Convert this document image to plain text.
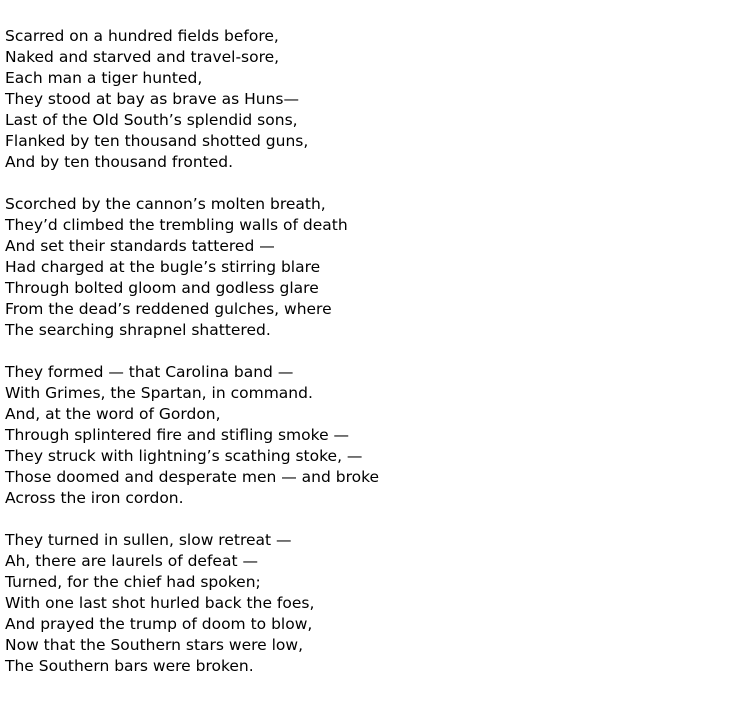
Scarred on a hundred fields before,
Naked and starved and travel-sore,
Each man a tiger hunted,
They stood at bay as brave as Huns—
Last of the Old South’s splendid sons,
Flanked by ten thousand shotted guns,
And by ten thousand fronted.
Scorched by the cannon’s molten breath,
They’d climbed the trembling walls of death
And set their standards tattered —
Had charged at the bugle’s stirring blare
Through bolted gloom and godless glare
From the dead’s reddened gulches, where
The searching shrapnel shattered.
They formed — that Carolina band —
With Grimes, the Spartan, in command.
And, at the word of Gordon,
Through splintered fire and stifling smoke —
They struck with lightning’s scathing stoke, —
Those doomed and desperate men — and broke
Across the iron cordon.
They turned in sullen, slow retreat —
Ah, there are laurels of defeat —
Turned, for the chief had spoken;
With one last shot hurled back the foes,
And prayed the trump of doom to blow,
Now that the Southern stars were low,
The Southern bars were broken.
